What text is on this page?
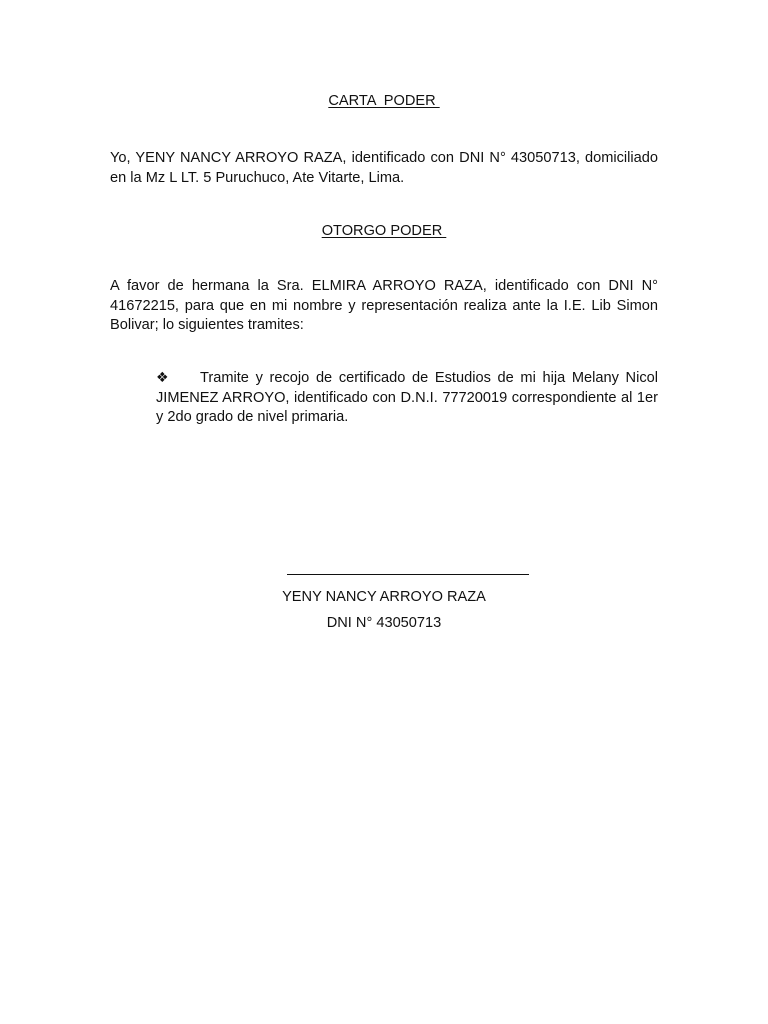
CARTA  PODER

Yo, YENY NANCY ARROYO RAZA, identificado con DNI N° 43050713, domiciliado en la Mz L LT. 5 Puruchuco, Ate Vitarte, Lima.

OTORGO PODER

A favor de hermana la Sra. ELMIRA ARROYO RAZA, identificado con DNI N° 41672215, para que en mi nombre y representación realiza ante la I.E. Lib Simon Bolivar; lo siguientes tramites:

❖ Tramite y recojo de certificado de Estudios de mi hija Melany Nicol JIMENEZ ARROYO, identificado con D.N.I. 77720019 correspondiente al 1er y 2do grado de nivel primaria.

YENY NANCY ARROYO RAZA
DNI N° 43050713
